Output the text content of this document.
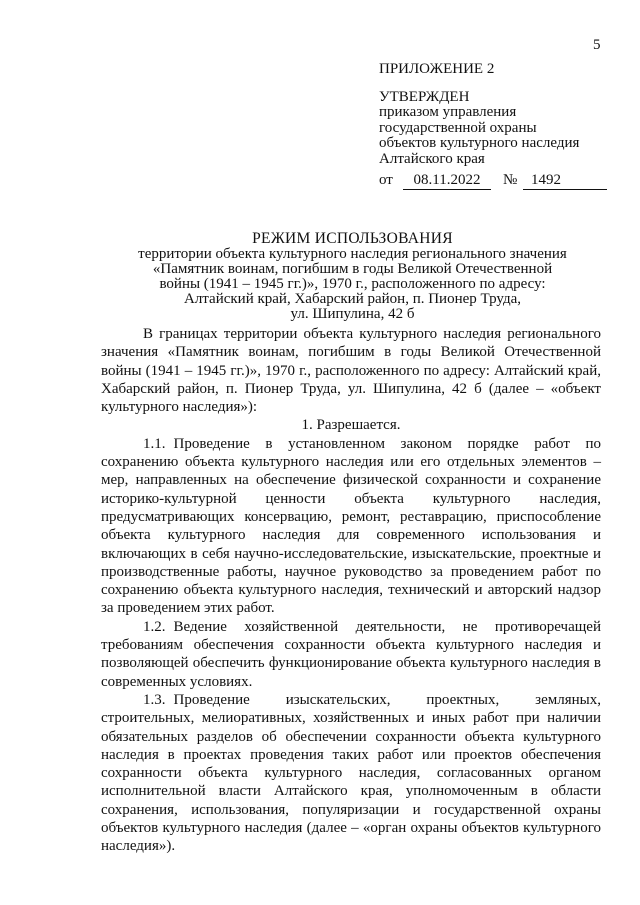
5
ПРИЛОЖЕНИЕ 2
УТВЕРЖДЕН
приказом управления
государственной охраны
объектов культурного наследия
Алтайского края
от	08.11.2022	№ 1492
РЕЖИМ ИСПОЛЬЗОВАНИЯ
территории объекта культурного наследия регионального значения
«Памятник воинам, погибшим в годы Великой Отечественной
войны (1941 – 1945 гг.)», 1970 г., расположенного по адресу:
Алтайский край, Хабарский район, п. Пионер Труда,
ул. Шипулина, 42 б

В границах территории объекта культурного наследия регионального значения «Памятник воинам, погибшим в годы Великой Отечественной войны (1941 – 1945 гг.)», 1970 г., расположенного по адресу: Алтайский край, Хабарский район, п. Пионер Труда, ул. Шипулина, 42 б (далее – «объект культурного наследия»):

1. Разрешается.

1.1. Проведение в установленном законом порядке работ по сохранению объекта культурного наследия или его отдельных элементов – мер, направленных на обеспечение физической сохранности и сохранение историко-культурной ценности объекта культурного наследия, предусматривающих консервацию, ремонт, реставрацию, приспособление объекта культурного наследия для современного использования и включающих в себя научно-исследовательские, изыскательские, проектные и производственные работы, научное руководство за проведением работ по сохранению объекта культурного наследия, технический и авторский надзор за проведением этих работ.

1.2. Ведение хозяйственной деятельности, не противоречащей требованиям обеспечения сохранности объекта культурного наследия и позволяющей обеспечить функционирование объекта культурного наследия в современных условиях.

1.3. Проведение изыскательских, проектных, земляных, строительных, мелиоративных, хозяйственных и иных работ при наличии обязательных разделов об обеспечении сохранности объекта культурного наследия в проектах проведения таких работ или проектов обеспечения сохранности объекта культурного наследия, согласованных органом исполнительной власти Алтайского края, уполномоченным в области сохранения, использования, популяризации и государственной охраны объектов культурного наследия (далее – «орган охраны объектов культурного наследия»).
